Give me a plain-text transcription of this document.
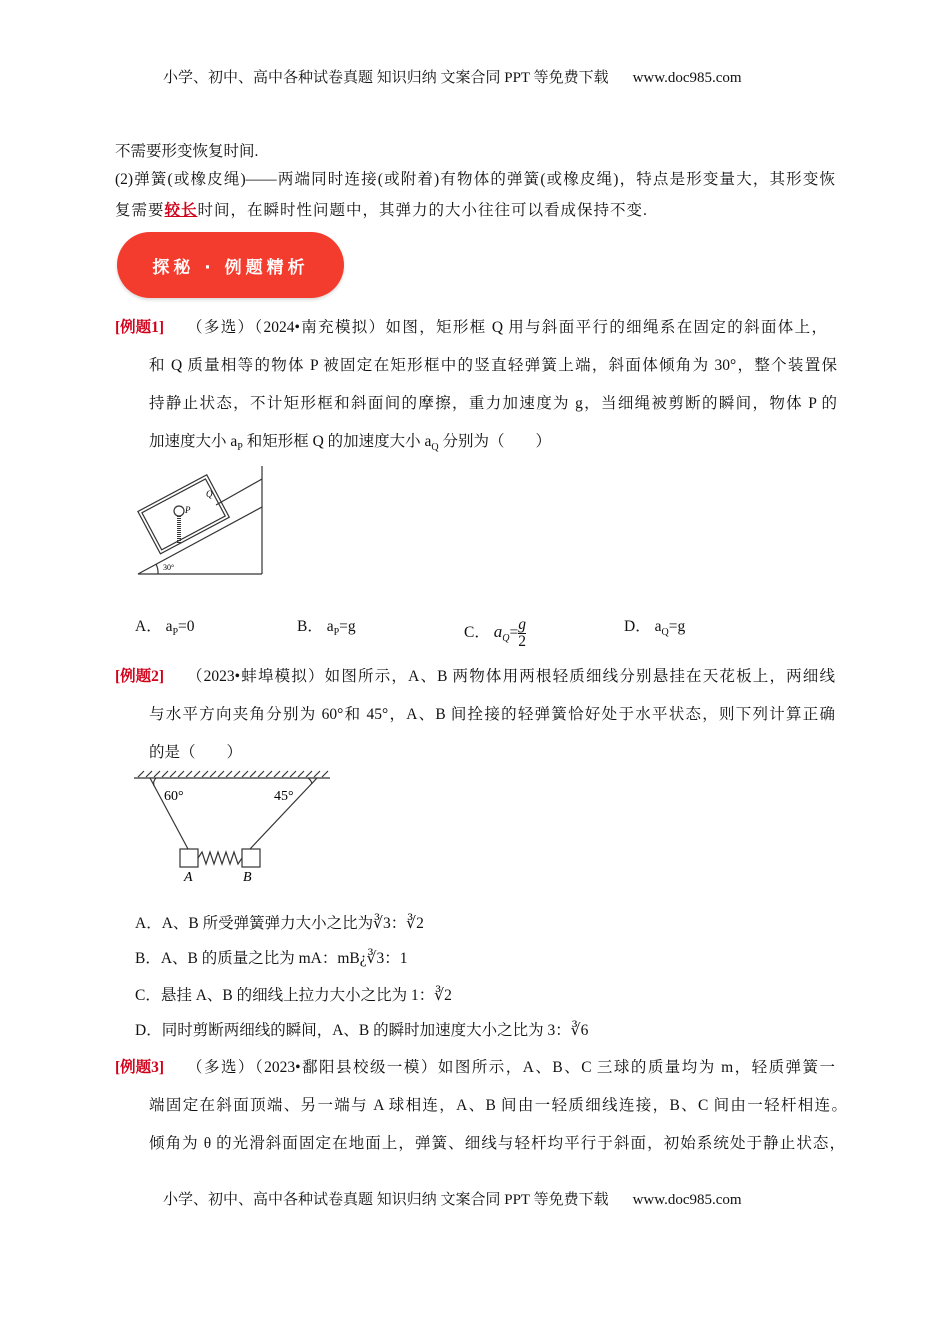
小学、初中、高中各种试卷真题 知识归纳 文案合同 PPT 等免费下载 www.doc985.com
不需要形变恢复时间.
(2)弹簧(或橡皮绳)——两端同时连接(或附着)有物体的弹簧(或橡皮绳)，特点是形变量大，其形变恢
复需要较长时间，在瞬时性问题中，其弹力的大小往往可以看成保持不变.
探秘 · 例题精析
[例题1] （多选）（2024•南充模拟）如图，矩形框 Q 用与斜面平行的细绳系在固定的斜面体上，
和 Q 质量相等的物体 P 被固定在矩形框中的竖直轻弹簧上端，斜面体倾角为 30°，整个装置保
持静止状态，不计矩形框和斜面间的摩擦，重力加速度为 g，当细绳被剪断的瞬间，物体 P 的
加速度大小 $a_P$ 和矩形框 Q 的加速度大小 $a_Q$ 分别为（　　）
Q
P
30°
A． $a_P=0$	B． $a_P=g$	C． $a_Q= \frac{g}{2}$	D． $a_Q=g$
[例题2] （2023•蚌埠模拟）如图所示，A、B 两物体用两根轻质细线分别悬挂在天花板上，两细线
与水平方向夹角分别为 60°和 45°，A、B 间拴接的轻弹簧恰好处于水平状态，则下列计算正确
的是（　　）
60°	45°
A	B
A．A、B 所受弹簧弹力大小之比为∛3：∛2
B．A、B 的质量之比为 mA：mB¿∛3：1
C．悬挂 A、B 的细线上拉力大小之比为 1：∛2
D．同时剪断两细线的瞬间，A、B 的瞬时加速度大小之比为 3：∛6
[例题3] （多选）（2023•鄱阳县校级一模）如图所示，A、B、C 三球的质量均为 m，轻质弹簧一
端固定在斜面顶端、另一端与 A 球相连，A、B 间由一轻质细线连接，B、C 间由一轻杆相连。
倾角为 θ 的光滑斜面固定在地面上，弹簧、细线与轻杆均平行于斜面，初始系统处于静止状态，
小学、初中、高中各种试卷真题 知识归纳 文案合同 PPT 等免费下载 www.doc985.com
